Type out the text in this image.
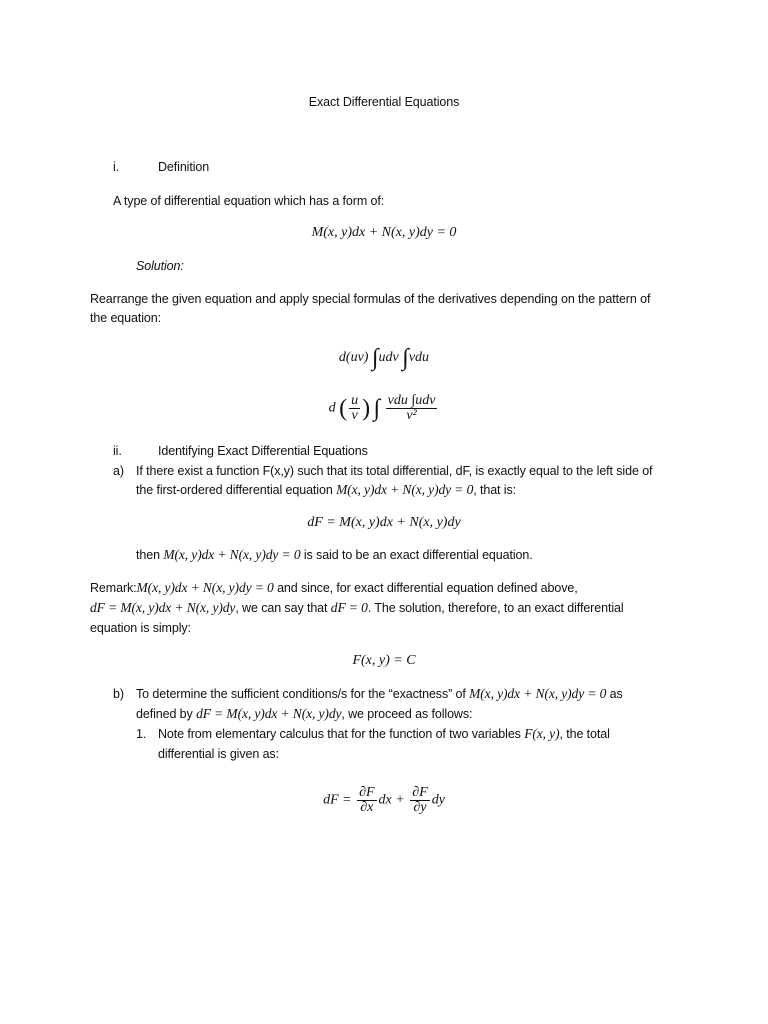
Exact Differential Equations
i.	Definition
A type of differential equation which has a form of:
M(x, y)dx + N(x, y)dy = 0
Solution:
Rearrange the given equation and apply special formulas of the derivatives depending on the pattern of
the equation:
d(uv) ∫udv ∫vdu
d ( $\frac{u}{v}$ ) ∫ $\frac{\text{vdu ∫udv}}{\text{v²}}$
ii.	Identifying Exact Differential Equations
a) If there exist a function F(x,y) such that its total differential, dF, is exactly equal to the left side of
the first-ordered differential equation M(x, y)dx + N(x, y)dy = 0, that is:
dF = M(x, y)dx + N(x, y)dy
then M(x, y)dx + N(x, y)dy = 0 is said to be an exact differential equation.
Remark:M(x, y)dx + N(x, y)dy = 0 and since, for exact differential equation defined above,
dF = M(x, y)dx + N(x, y)dy, we can say that dF = 0. The solution, therefore, to an exact differential
equation is simply:
F(x, y) = C
b) To determine the sufficient conditions/s for the “exactness” of M(x, y)dx + N(x, y)dy = 0 as
defined by dF = M(x, y)dx + N(x, y)dy, we proceed as follows:
1. Note from elementary calculus that for the function of two variables F(x, y), the total
differential is given as:
dF = $\frac{\partial F}{\partial x}$ dx + $\frac{\partial F}{\partial y}$ dy
